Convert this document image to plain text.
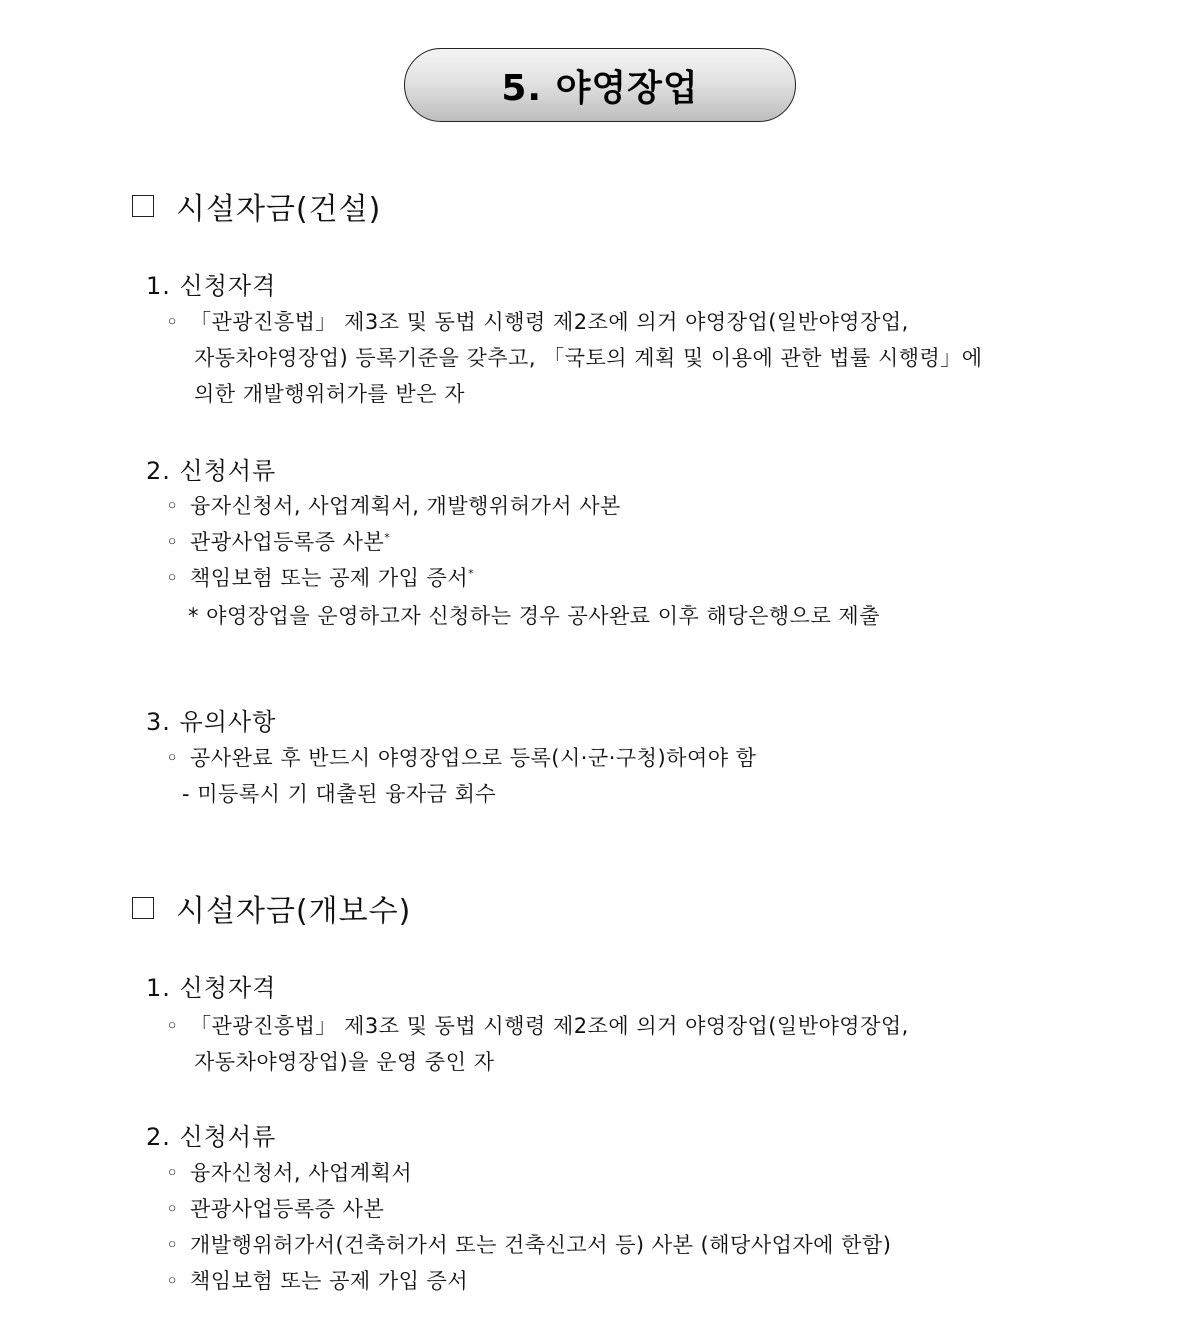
5. 야영장업
시설자금(건설)
1. 신청자격
◦ 「관광진흥법」 제3조 및 동법 시행령 제2조에 의거 야영장업(일반야영장업,
자동차야영장업) 등록기준을 갖추고, 「국토의 계획 및 이용에 관한 법률 시행령」에
의한 개발행위허가를 받은 자
2. 신청서류
◦ 융자신청서, 사업계획서, 개발행위허가서 사본
◦ 관광사업등록증 사본*
◦ 책임보험 또는 공제 가입 증서*
* 야영장업을 운영하고자 신청하는 경우 공사완료 이후 해당은행으로 제출
3. 유의사항
◦ 공사완료 후 반드시 야영장업으로 등록(시·군·구청)하여야 함
- 미등록시 기 대출된 융자금 회수
시설자금(개보수)
1. 신청자격
◦ 「관광진흥법」 제3조 및 동법 시행령 제2조에 의거 야영장업(일반야영장업,
자동차야영장업)을 운영 중인 자
2. 신청서류
◦ 융자신청서, 사업계획서
◦ 관광사업등록증 사본
◦ 개발행위허가서(건축허가서 또는 건축신고서 등) 사본 (해당사업자에 한함)
◦ 책임보험 또는 공제 가입 증서
